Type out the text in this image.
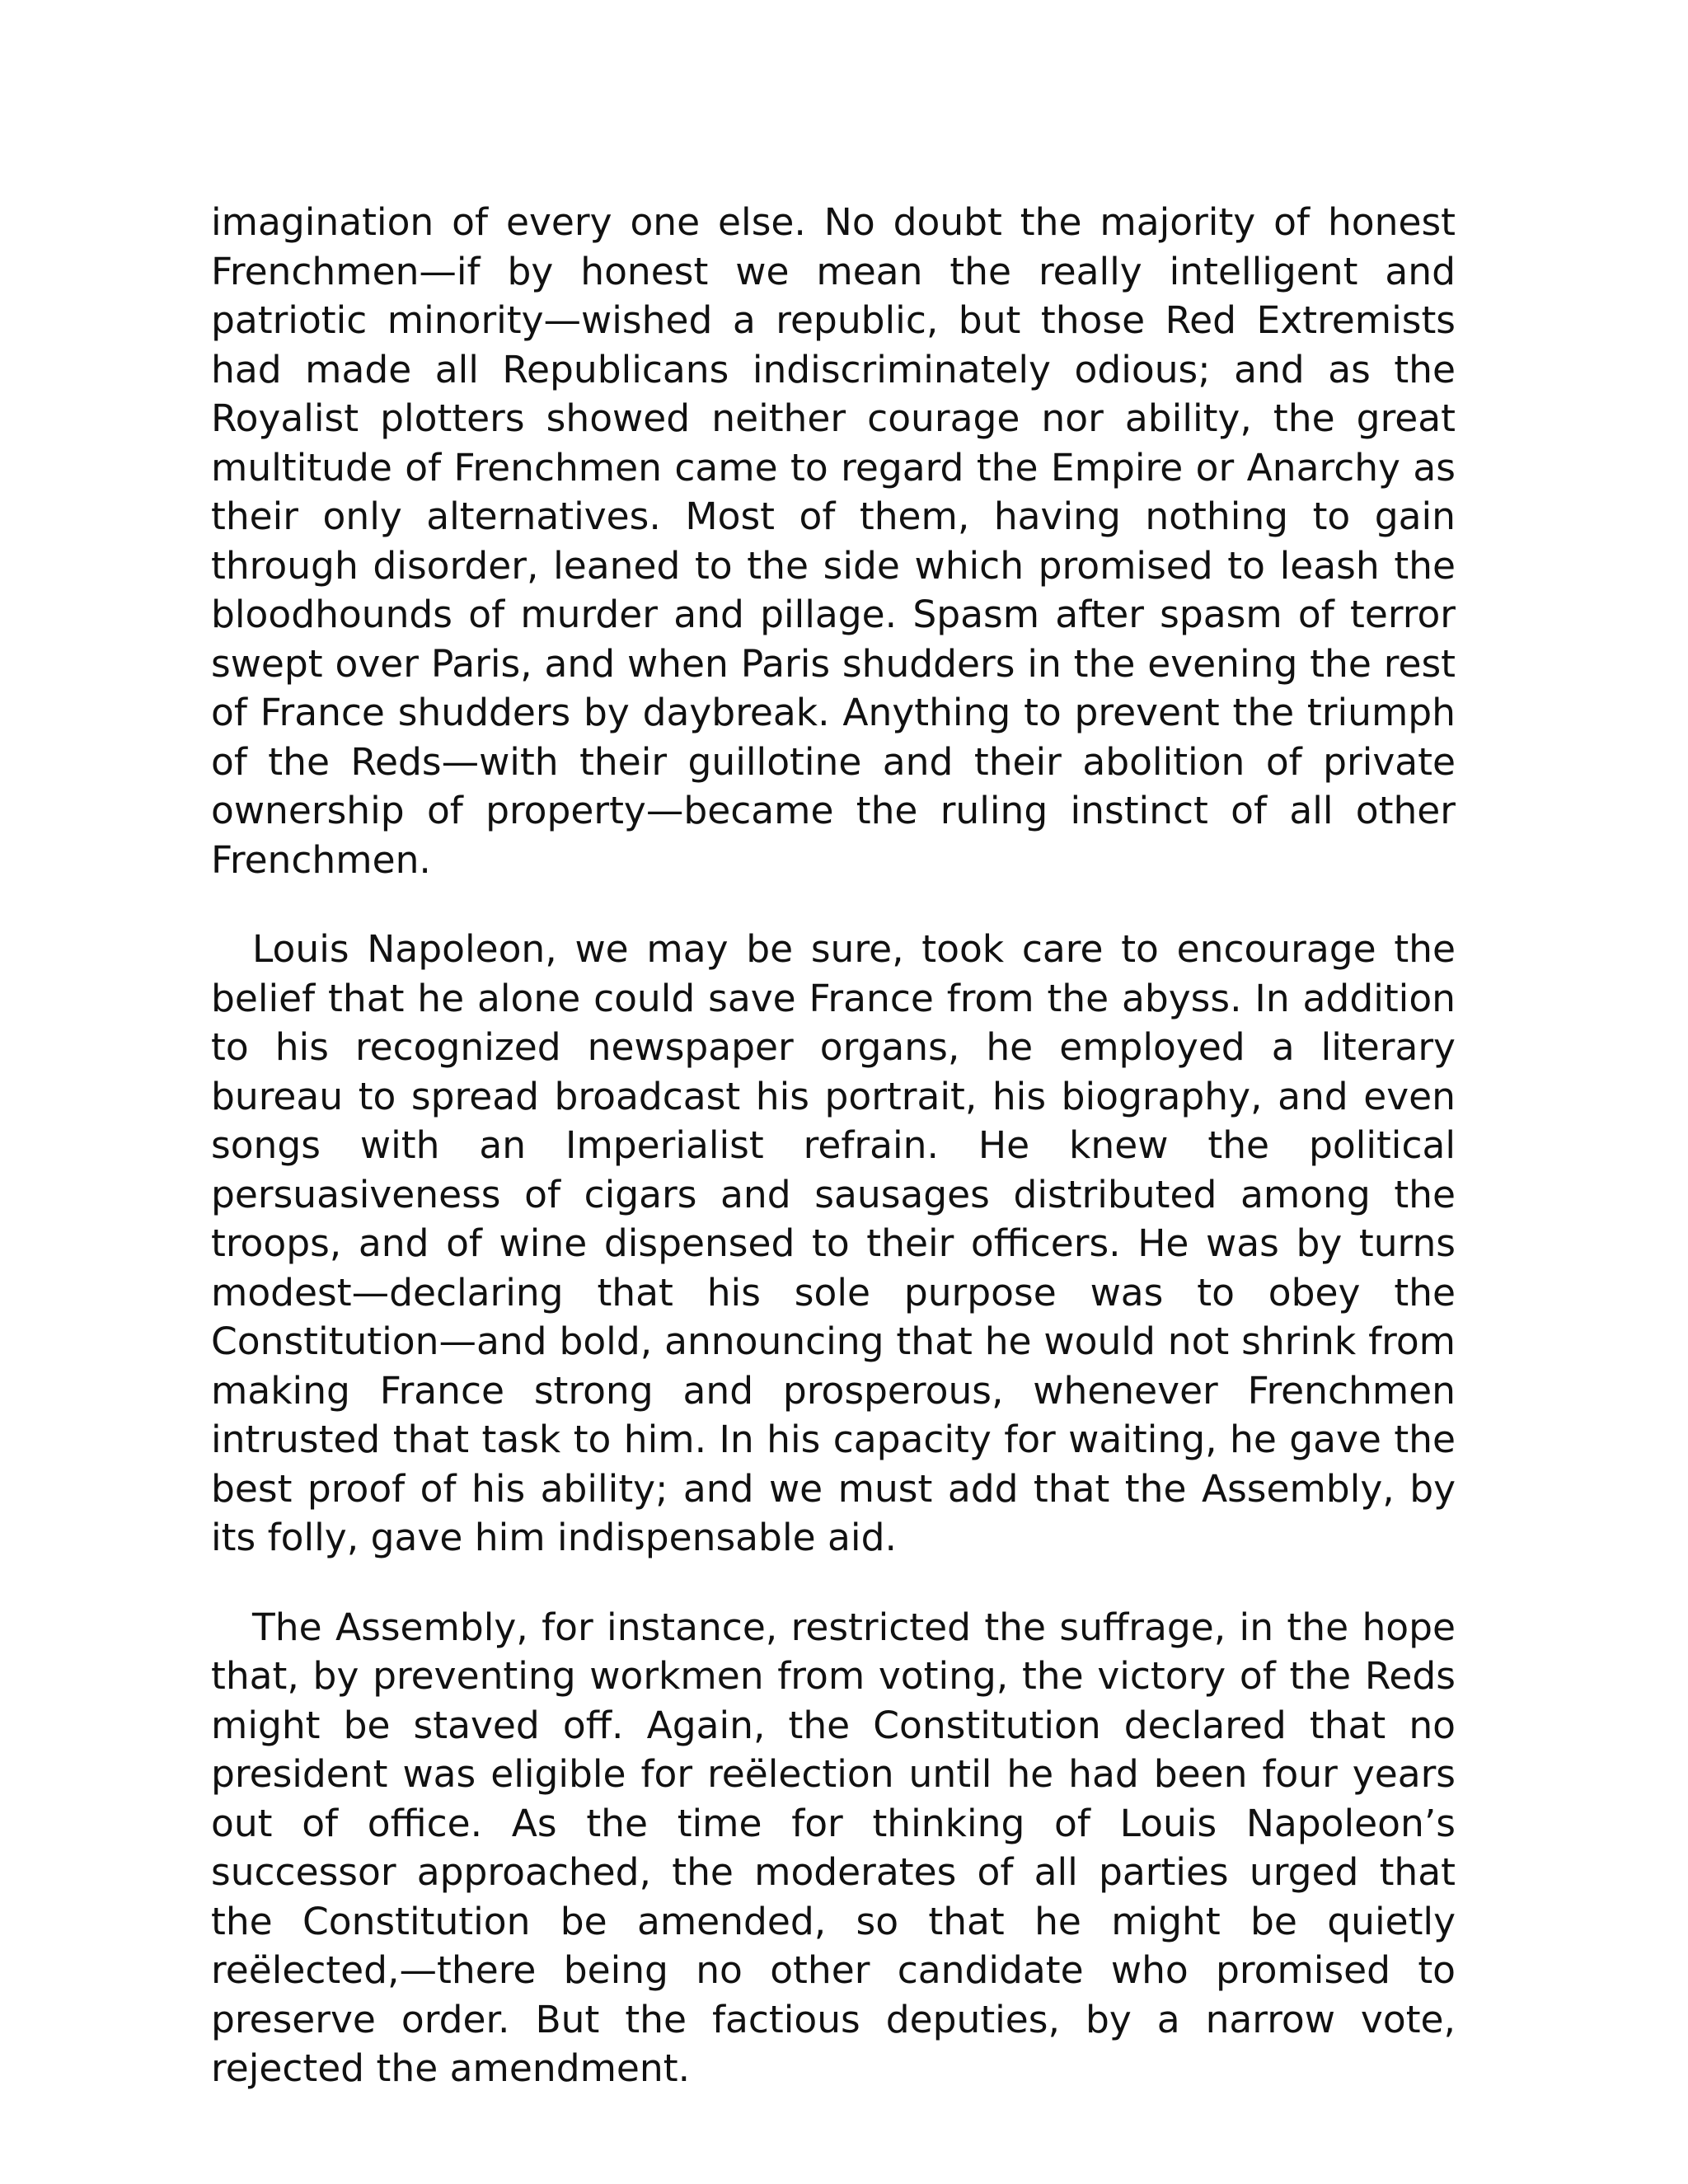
imagination of every one else. No doubt the majority of honest Frenchmen—if by honest we mean the really intelligent and patriotic minority—wished a republic, but those Red Extremists had made all Republicans indiscriminately odious; and as the Royalist plotters showed neither courage nor ability, the great multitude of Frenchmen came to regard the Empire or Anarchy as their only alternatives. Most of them, having nothing to gain through disorder, leaned to the side which promised to leash the bloodhounds of murder and pillage. Spasm after spasm of terror swept over Paris, and when Paris shudders in the evening the rest of France shudders by daybreak. Anything to prevent the triumph of the Reds—with their guillotine and their abolition of private ownership of property—became the ruling instinct of all other Frenchmen.

Louis Napoleon, we may be sure, took care to encourage the belief that he alone could save France from the abyss. In addition to his recognized newspaper organs, he employed a literary bureau to spread broadcast his portrait, his biography, and even songs with an Imperialist refrain. He knew the political persuasiveness of cigars and sausages distributed among the troops, and of wine dispensed to their officers. He was by turns modest—declaring that his sole purpose was to obey the Constitution—and bold, announcing that he would not shrink from making France strong and prosperous, whenever Frenchmen intrusted that task to him. In his capacity for waiting, he gave the best proof of his ability; and we must add that the Assembly, by its folly, gave him indispensable aid.

The Assembly, for instance, restricted the suffrage, in the hope that, by preventing workmen from voting, the victory of the Reds might be staved off. Again, the Constitution declared that no president was eligible for reëlection until he had been four years out of office. As the time for thinking of Louis Napoleon’s successor approached, the moderates of all parties urged that the Constitution be amended, so that he might be quietly reëlected,—there being no other candidate who promised to preserve order. But the factious deputies, by a narrow vote, rejected the amendment.
